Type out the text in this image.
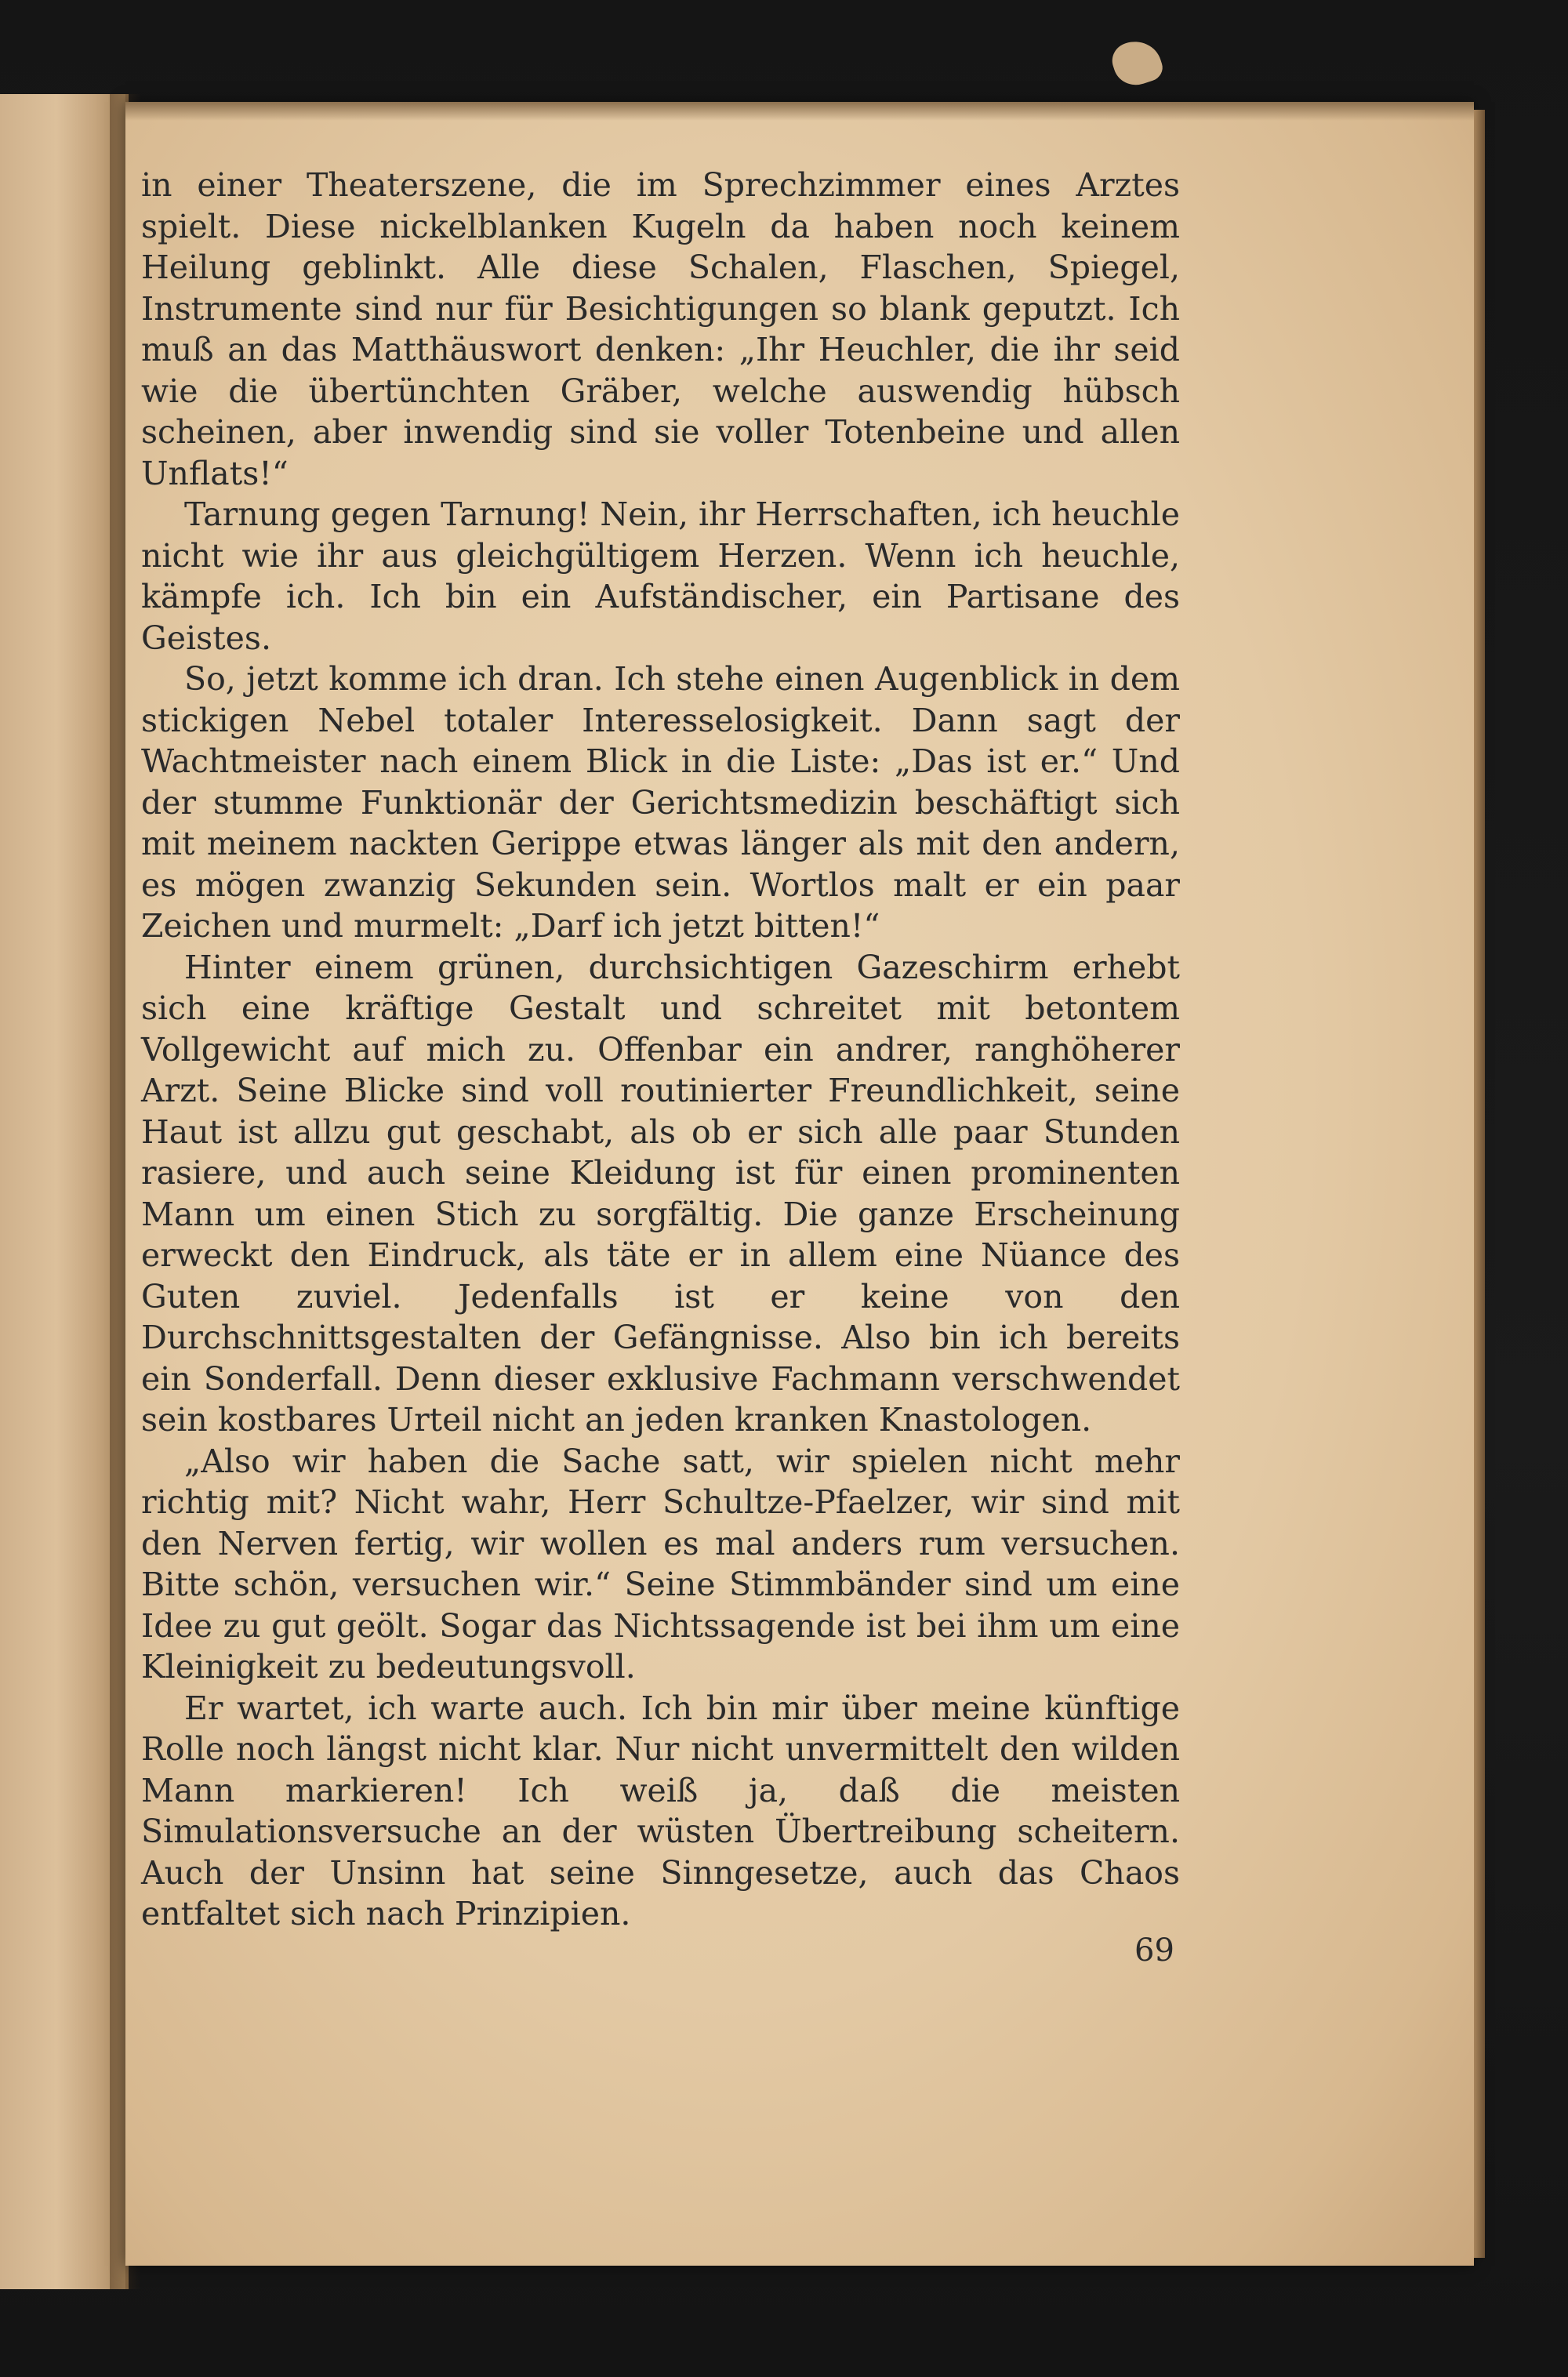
in einer Theaterszene, die im Sprechzimmer eines Arztes spielt. Diese nickelblanken Kugeln da haben noch keinem Heilung geblinkt. Alle diese Schalen, Flaschen, Spiegel, Instrumente sind nur für Besichtigungen so blank geputzt. Ich muß an das Matthäuswort denken: „Ihr Heuchler, die ihr seid wie die übertünchten Gräber, welche auswendig hübsch scheinen, aber inwendig sind sie voller Totenbeine und allen Unflats!“

Tarnung gegen Tarnung! Nein, ihr Herrschaften, ich heuchle nicht wie ihr aus gleichgültigem Herzen. Wenn ich heuchle, kämpfe ich. Ich bin ein Aufständischer, ein Partisane des Geistes.

So, jetzt komme ich dran. Ich stehe einen Augenblick in dem stickigen Nebel totaler Interesselosigkeit. Dann sagt der Wachtmeister nach einem Blick in die Liste: „Das ist er.“ Und der stumme Funktionär der Gerichtsmedizin beschäftigt sich mit meinem nackten Gerippe etwas länger als mit den andern, es mögen zwanzig Sekunden sein. Wortlos malt er ein paar Zeichen und murmelt: „Darf ich jetzt bitten!“

Hinter einem grünen, durchsichtigen Gazeschirm erhebt sich eine kräftige Gestalt und schreitet mit betontem Vollgewicht auf mich zu. Offenbar ein andrer, ranghöherer Arzt. Seine Blicke sind voll routinierter Freundlichkeit, seine Haut ist allzu gut geschabt, als ob er sich alle paar Stunden rasiere, und auch seine Kleidung ist für einen prominenten Mann um einen Stich zu sorgfältig. Die ganze Erscheinung erweckt den Eindruck, als täte er in allem eine Nüance des Guten zuviel. Jedenfalls ist er keine von den Durchschnittsgestalten der Gefängnisse. Also bin ich bereits ein Sonderfall. Denn dieser exklusive Fachmann verschwendet sein kostbares Urteil nicht an jeden kranken Knastologen.

„Also wir haben die Sache satt, wir spielen nicht mehr richtig mit? Nicht wahr, Herr Schultze-Pfaelzer, wir sind mit den Nerven fertig, wir wollen es mal anders rum versuchen. Bitte schön, versuchen wir.“ Seine Stimmbänder sind um eine Idee zu gut geölt. Sogar das Nichtssagende ist bei ihm um eine Kleinigkeit zu bedeutungsvoll.

Er wartet, ich warte auch. Ich bin mir über meine künftige Rolle noch längst nicht klar. Nur nicht unvermittelt den wilden Mann markieren! Ich weiß ja, daß die meisten Simulationsversuche an der wüsten Übertreibung scheitern. Auch der Unsinn hat seine Sinngesetze, auch das Chaos entfaltet sich nach Prinzipien.

69
